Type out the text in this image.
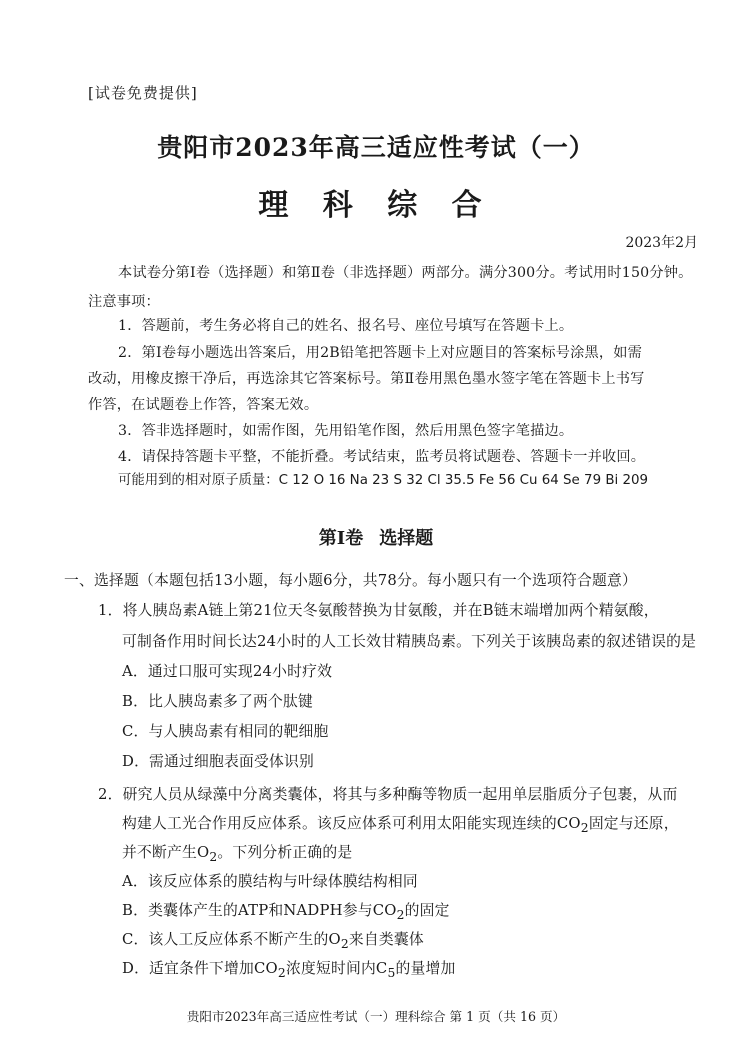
[试卷免费提供]
贵阳市2023年高三适应性考试（一）
理 科 综 合
2023年2月
本试卷分第Ⅰ卷（选择题）和第Ⅱ卷（非选择题）两部分。满分300分。考试用时150分钟。
注意事项：
1．答题前，考生务必将自己的姓名、报名号、座位号填写在答题卡上。
2．第Ⅰ卷每小题选出答案后，用2B铅笔把答题卡上对应题目的答案标号涂黑，如需
改动，用橡皮擦干净后，再选涂其它答案标号。第Ⅱ卷用黑色墨水签字笔在答题卡上书写
作答，在试题卷上作答，答案无效。
3．答非选择题时，如需作图，先用铅笔作图，然后用黑色签字笔描边。
4．请保持答题卡平整，不能折叠。考试结束，监考员将试题卷、答题卡一并收回。
可能用到的相对原子质量：C 12 O 16 Na 23 S 32 Cl 35.5 Fe 56 Cu 64 Se 79 Bi 209
第Ⅰ卷 选择题
一、选择题（本题包括13小题，每小题6分，共78分。每小题只有一个选项符合题意）
1．将人胰岛素A链上第21位天冬氨酸替换为甘氨酸，并在B链末端增加两个精氨酸，
可制备作用时间长达24小时的人工长效甘精胰岛素。下列关于该胰岛素的叙述错误的是
A．通过口服可实现24小时疗效
B．比人胰岛素多了两个肽键
C．与人胰岛素有相同的靶细胞
D．需通过细胞表面受体识别
2．研究人员从绿藻中分离类囊体，将其与多种酶等物质一起用单层脂质分子包裹，从而
构建人工光合作用反应体系。该反应体系可利用太阳能实现连续的$CO_2$固定与还原，
并不断产生$O_2$。下列分析正确的是
A．该反应体系的膜结构与叶绿体膜结构相同
B．类囊体产生的ATP和NADPH参与$CO_2$的固定
C．该人工反应体系不断产生的$O_2$来自类囊体
D．适宜条件下增加$CO_2$浓度短时间内$C_5$的量增加
贵阳市2023年高三适应性考试（一）理科综合 第 1 页（共 16 页）
